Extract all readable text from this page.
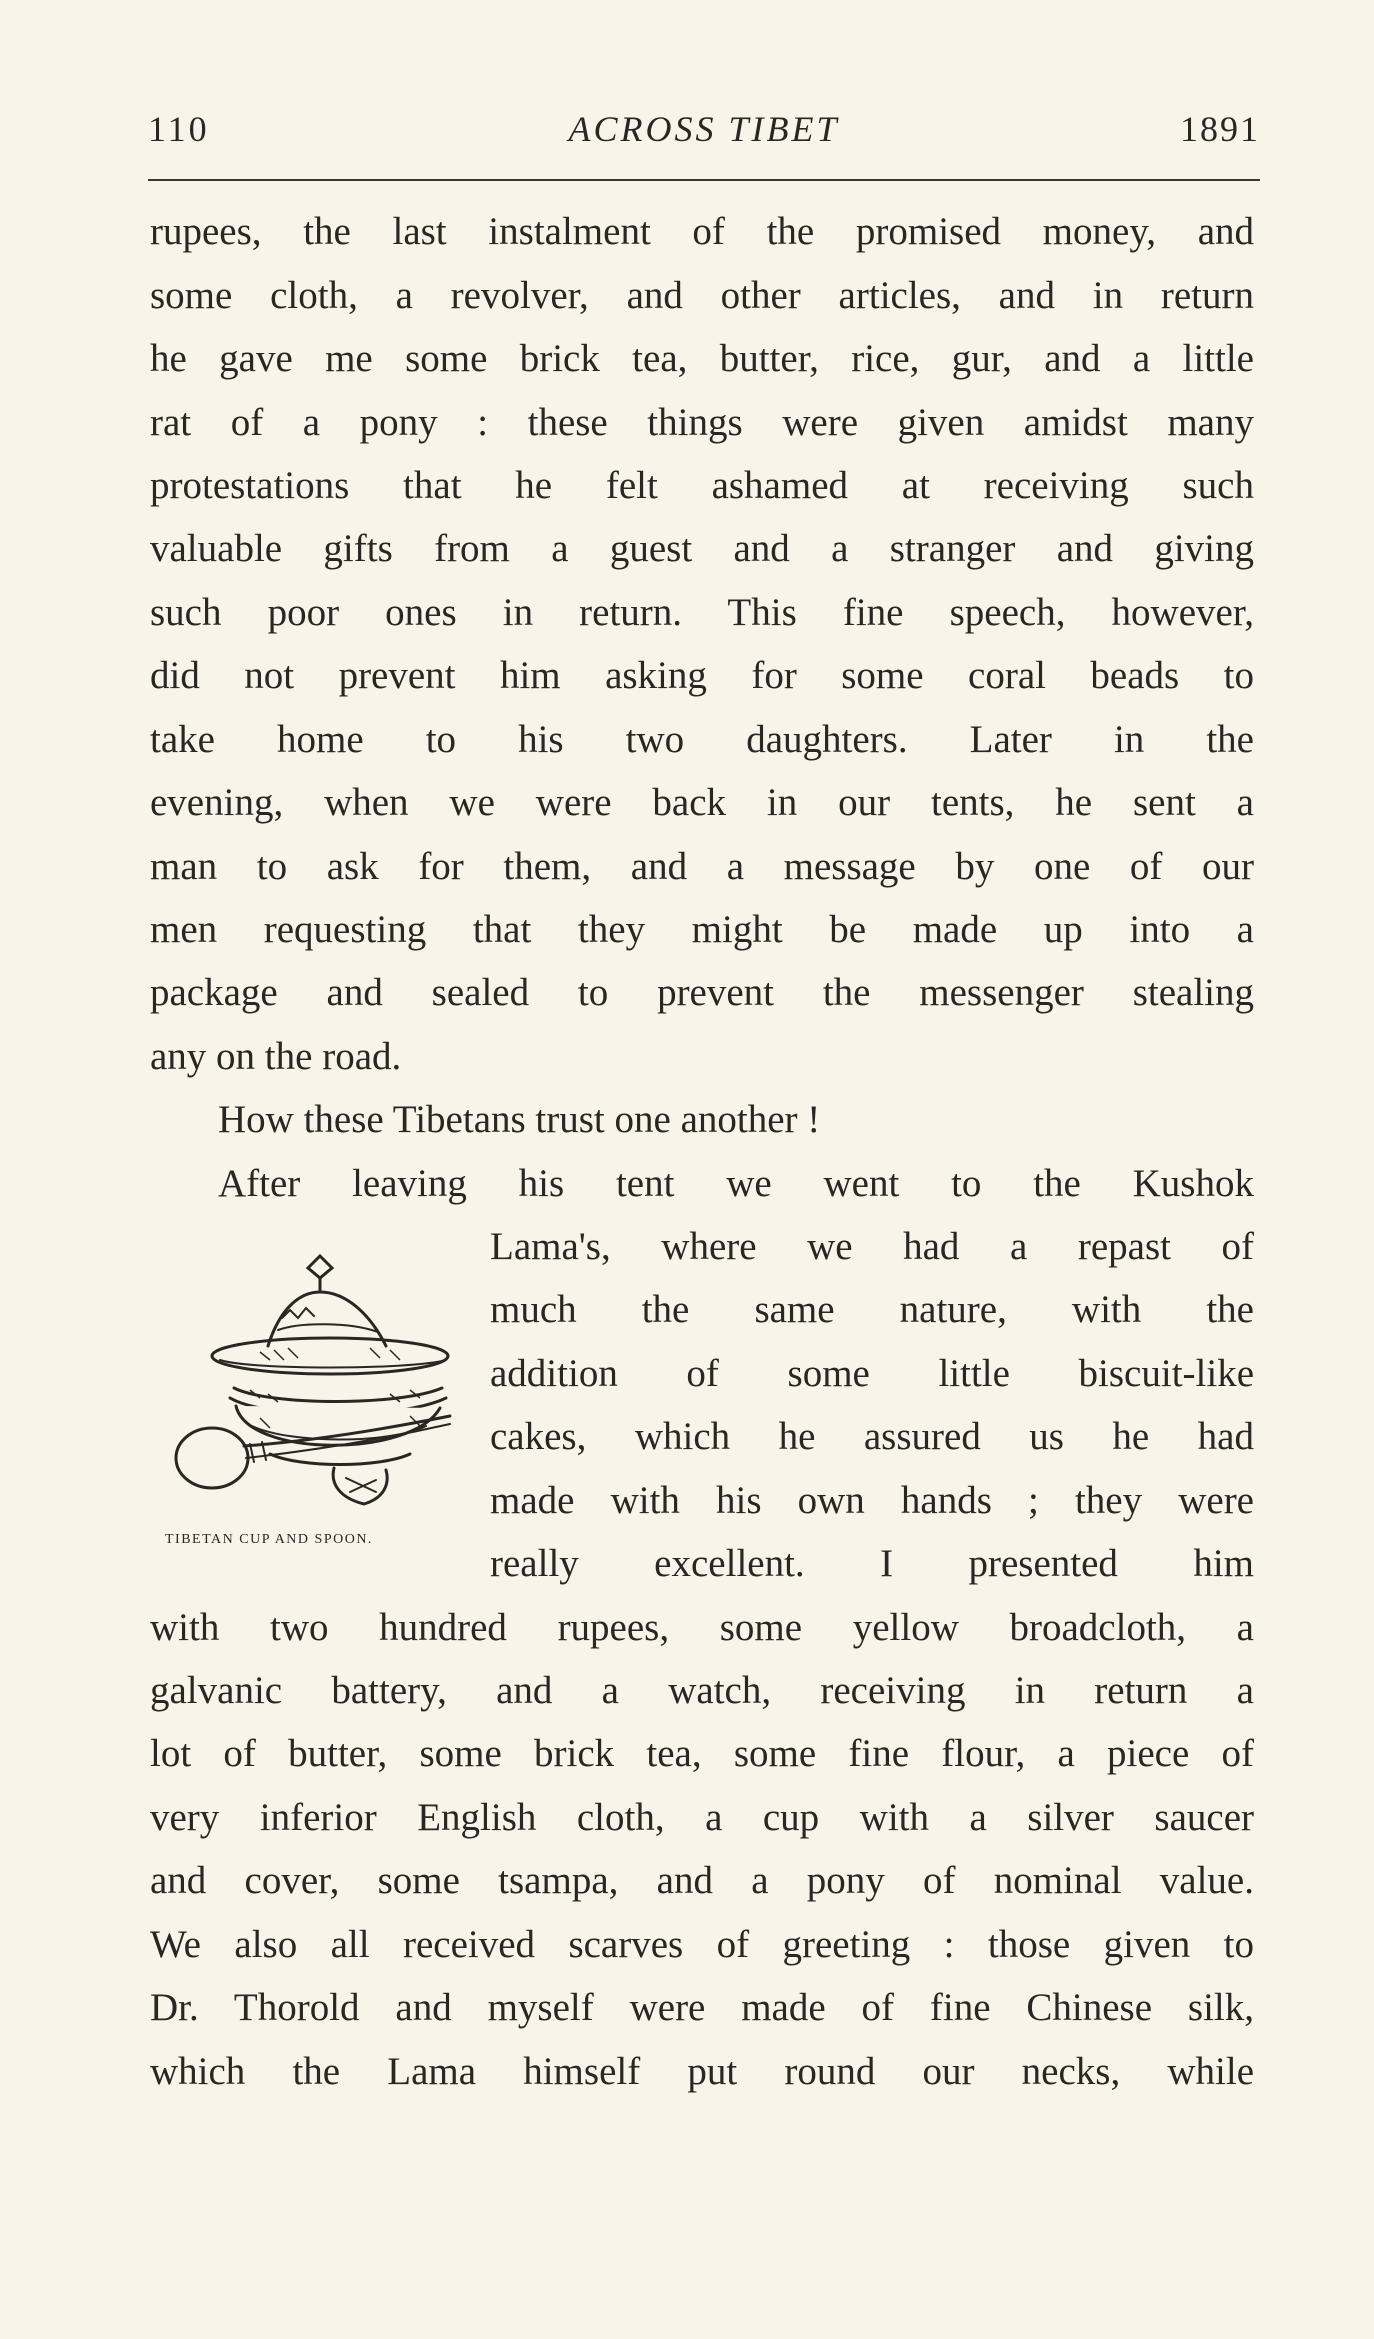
110	ACROSS TIBET	1891
rupees, the last instalment of the promised money, and
some cloth, a revolver, and other articles, and in return
he gave me some brick tea, butter, rice, gur, and a little
rat of a pony : these things were given amidst many
protestations that he felt ashamed at receiving such
valuable gifts from a guest and a stranger and giving
such poor ones in return. This fine speech, however,
did not prevent him asking for some coral beads to
take home to his two daughters. Later in the
evening, when we were back in our tents, he sent a
man to ask for them, and a message by one of our
men requesting that they might be made up into a
package and sealed to prevent the messenger stealing
any on the road.
How these Tibetans trust one another !
After leaving his tent we went to the Kushok
Lama's, where we had a repast of
much the same nature, with the
addition of some little biscuit-like
cakes, which he assured us he had
made with his own hands ; they were
really excellent. I presented him
with two hundred rupees, some yellow broadcloth, a
galvanic battery, and a watch, receiving in return a
lot of butter, some brick tea, some fine flour, a piece of
very inferior English cloth, a cup with a silver saucer
and cover, some tsampa, and a pony of nominal value.
We also all received scarves of greeting : those given to
Dr. Thorold and myself were made of fine Chinese silk,
which the Lama himself put round our necks, while
TIBETAN CUP AND SPOON.
